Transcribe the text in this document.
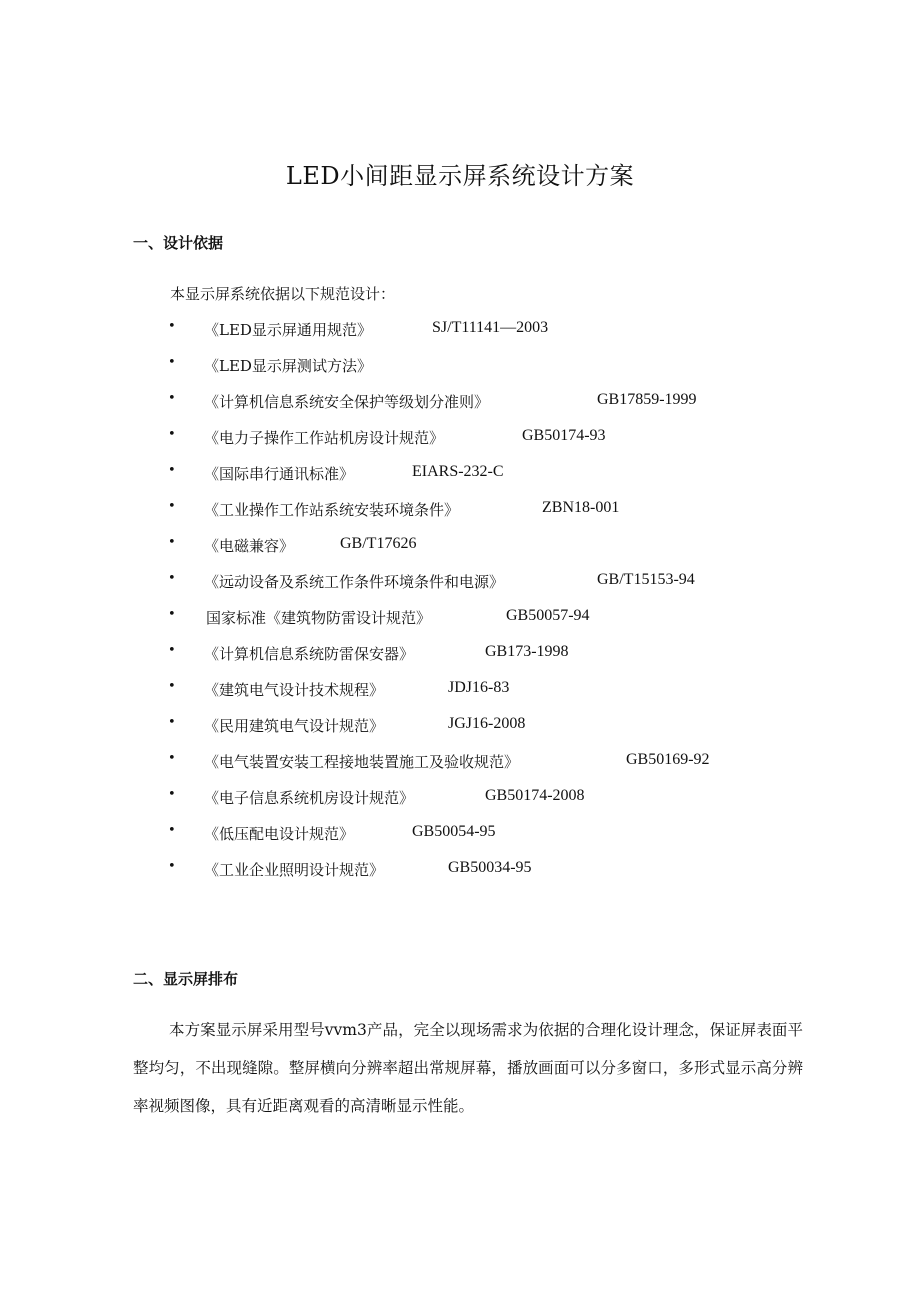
LED小间距显示屏系统设计方案
一、设计依据
本显示屏系统依据以下规范设计：
• 《LED显示屏通用规范》	SJ/T11141—2003
• 《LED显示屏测试方法》
• 《计算机信息系统安全保护等级划分准则》	GB17859-1999
• 《电力子操作工作站机房设计规范》	GB50174-93
• 《国际串行通讯标准》	EIARS-232-C
• 《工业操作工作站系统安装环境条件》	ZBN18-001
• 《电磁兼容》	GB/T17626
• 《远动设备及系统工作条件环境条件和电源》	GB/T15153-94
• 国家标准《建筑物防雷设计规范》	GB50057-94
• 《计算机信息系统防雷保安器》	GB173-1998
• 《建筑电气设计技术规程》	JDJ16-83
• 《民用建筑电气设计规范》	JGJ16-2008
• 《电气装置安装工程接地装置施工及验收规范》	GB50169-92
• 《电子信息系统机房设计规范》	GB50174-2008
• 《低压配电设计规范》	GB50054-95
• 《工业企业照明设计规范》	GB50034-95
二、显示屏排布

本方案显示屏采用型号vvm3产品，完全以现场需求为依据的合理化设计理念，保证屏表面平整均匀，不出现缝隙。整屏横向分辨率超出常规屏幕，播放画面可以分多窗口，多形式显示高分辨率视频图像，具有近距离观看的高清晰显示性能。
